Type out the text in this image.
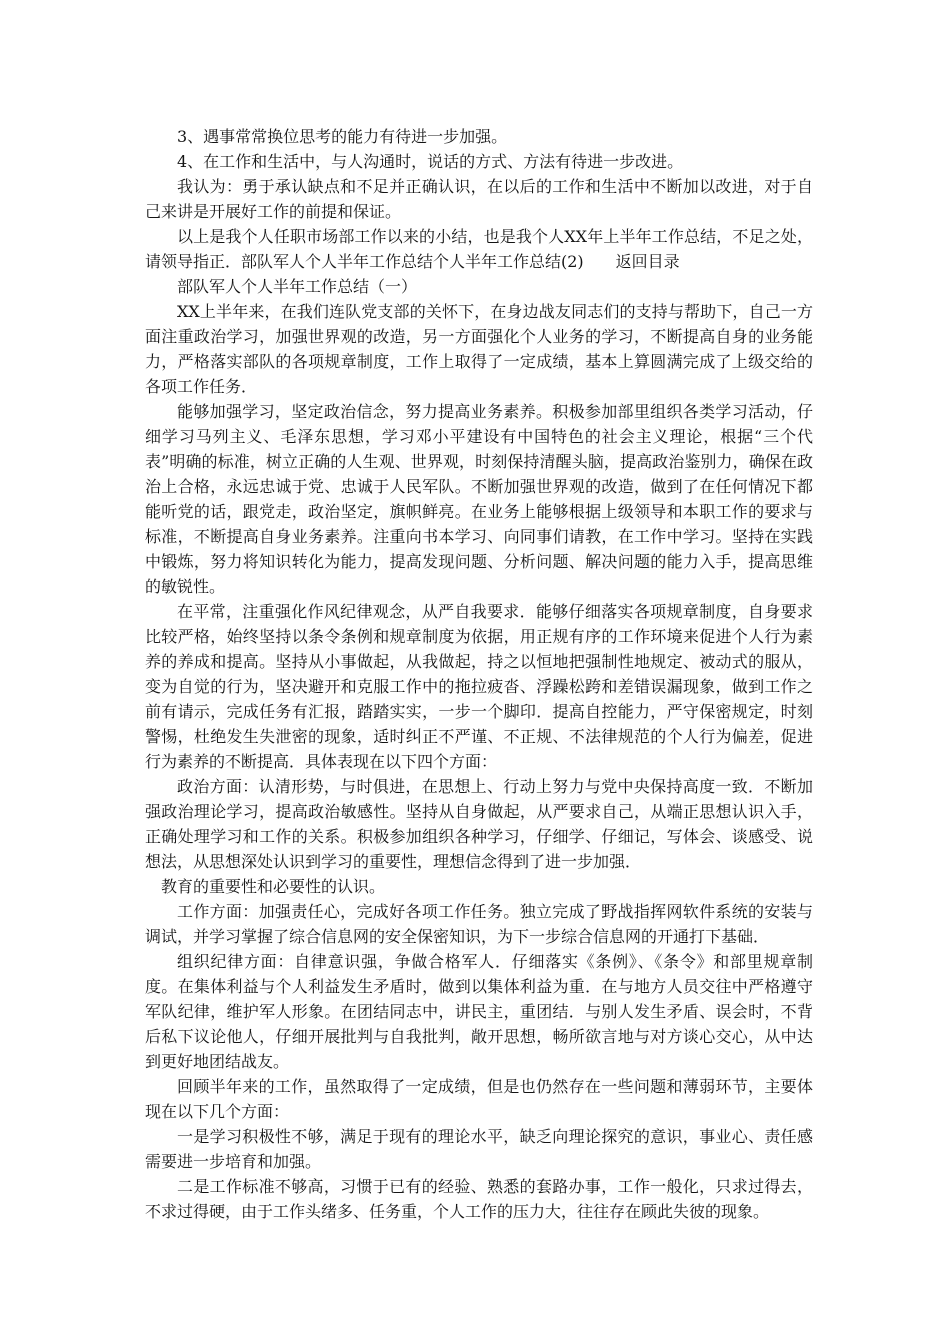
3、遇事常常换位思考的能力有待进一步加强。

4、在工作和生活中，与人沟通时，说话的方式、方法有待进一步改进。

我认为：勇于承认缺点和不足并正确认识，在以后的工作和生活中不断加以改进，对于自己来讲是开展好工作的前提和保证。

以上是我个人任职市场部工作以来的小结，也是我个人XX年上半年工作总结，不足之处，请领导指正．部队军人个人半年工作总结个人半年工作总结(2)　　返回目录

部队军人个人半年工作总结（一）

XX上半年来，在我们连队党支部的关怀下，在身边战友同志们的支持与帮助下，自己一方面注重政治学习，加强世界观的改造，另一方面强化个人业务的学习，不断提高自身的业务能力，严格落实部队的各项规章制度，工作上取得了一定成绩，基本上算圆满完成了上级交给的各项工作任务．

能够加强学习，坚定政治信念，努力提高业务素养。积极参加部里组织各类学习活动，仔细学习马列主义、毛泽东思想，学习邓小平建设有中国特色的社会主义理论，根据“三个代表”明确的标准，树立正确的人生观、世界观，时刻保持清醒头脑，提高政治鉴别力，确保在政治上合格，永远忠诚于党、忠诚于人民军队。不断加强世界观的改造，做到了在任何情况下都能听党的话，跟党走，政治坚定，旗帜鲜亮。在业务上能够根据上级领导和本职工作的要求与标准，不断提高自身业务素养。注重向书本学习、向同事们请教，在工作中学习。坚持在实践中锻炼，努力将知识转化为能力，提高发现问题、分析问题、解决问题的能力入手，提高思维的敏锐性。

在平常，注重强化作风纪律观念，从严自我要求．能够仔细落实各项规章制度，自身要求比较严格，始终坚持以条令条例和规章制度为依据，用正规有序的工作环境来促进个人行为素养的养成和提高。坚持从小事做起，从我做起，持之以恒地把强制性地规定、被动式的服从，变为自觉的行为，坚决避开和克服工作中的拖拉疲沓、浮躁松跨和差错误漏现象，做到工作之前有请示，完成任务有汇报，踏踏实实，一步一个脚印．提高自控能力，严守保密规定，时刻警惕，杜绝发生失泄密的现象，适时纠正不严谨、不正规、不法律规范的个人行为偏差，促进行为素养的不断提高．具体表现在以下四个方面：

政治方面：认清形势，与时俱进，在思想上、行动上努力与党中央保持高度一致．不断加强政治理论学习，提高政治敏感性。坚持从自身做起，从严要求自己，从端正思想认识入手，正确处理学习和工作的关系。积极参加组织各种学习，仔细学、仔细记，写体会、谈感受、说想法，从思想深处认识到学习的重要性，理想信念得到了进一步加强．

教育的重要性和必要性的认识。

工作方面：加强责任心，完成好各项工作任务。独立完成了野战指挥网软件系统的安装与调试，并学习掌握了综合信息网的安全保密知识，为下一步综合信息网的开通打下基础．

组织纪律方面：自律意识强，争做合格军人．仔细落实《条例》、《条令》和部里规章制度。在集体利益与个人利益发生矛盾时，做到以集体利益为重．在与地方人员交往中严格遵守军队纪律，维护军人形象。在团结同志中，讲民主，重团结．与别人发生矛盾、误会时，不背后私下议论他人，仔细开展批判与自我批判，敞开思想，畅所欲言地与对方谈心交心，从中达到更好地团结战友。

回顾半年来的工作，虽然取得了一定成绩，但是也仍然存在一些问题和薄弱环节，主要体现在以下几个方面：

一是学习积极性不够，满足于现有的理论水平，缺乏向理论探究的意识，事业心、责任感需要进一步培育和加强。

二是工作标准不够高，习惯于已有的经验、熟悉的套路办事，工作一般化，只求过得去，不求过得硬，由于工作头绪多、任务重，个人工作的压力大，往往存在顾此失彼的现象。
